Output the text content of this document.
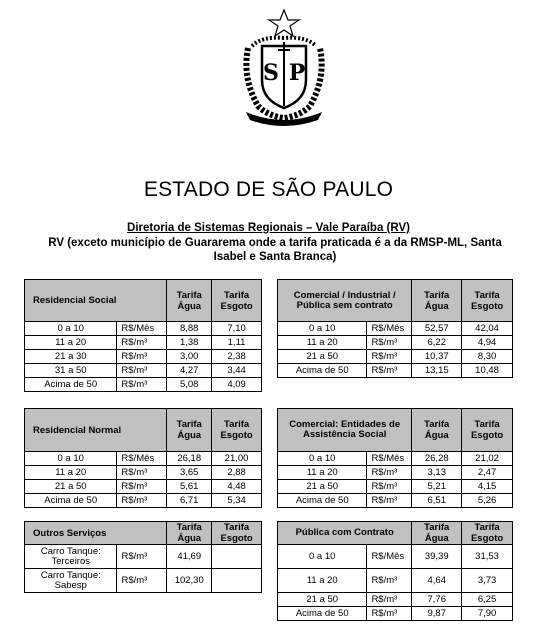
S P
ESTADO DE SÃO PAULO
Diretoria de Sistemas Regionais – Vale Paraíba (RV)
RV (exceto município de Guararema onde a tarifa praticada é a da RMSP-ML, Santa Isabel e Santa Branca)
Residencial Social		Tarifa Água	Tarifa Esgoto
0 a 10	R$/Mês	8,88	7,10
11 a 20	R$/m³	1,38	1,11
21 a 30	R$/m³	3,00	2,38
31 a 50	R$/m³	4,27	3,44
Acima de 50	R$/m³	5,08	4,09
Comercial / Industrial / Pública sem contrato		Tarifa Água	Tarifa Esgoto
0 a 10	R$/Mês	52,57	42,04
11 a 20	R$/m³	6,22	4,94
21 a 50	R$/m³	10,37	8,30
Acima de 50	R$/m³	13,15	10,48
Residencial Normal		Tarifa Água	Tarifa Esgoto
0 a 10	R$/Mês	26,18	21,00
11 a 20	R$/m³	3,65	2,88
21 a 50	R$/m³	5,61	4,48
Acima de 50	R$/m³	6,71	5,34
Comercial: Entidades de Assistência Social		Tarifa Água	Tarifa Esgoto
0 a 10	R$/Mês	26,28	21,02
11 a 20	R$/m³	3,13	2,47
21 a 50	R$/m³	5,21	4,15
Acima de 50	R$/m³	6,51	5,26
Outros Serviços		Tarifa Água	Tarifa Esgoto
Carro Tanque: Terceiros	R$/m³	41,69	
Carro Tanque: Sabesp	R$/m³	102,30	
Pública com Contrato		Tarifa Água	Tarifa Esgoto
0 a 10	R$/Mês	39,39	31,53
11 a 20	R$/m³	4,64	3,73
21 a 50	R$/m³	7,76	6,25
Acima de 50	R$/m³	9,87	7,90
